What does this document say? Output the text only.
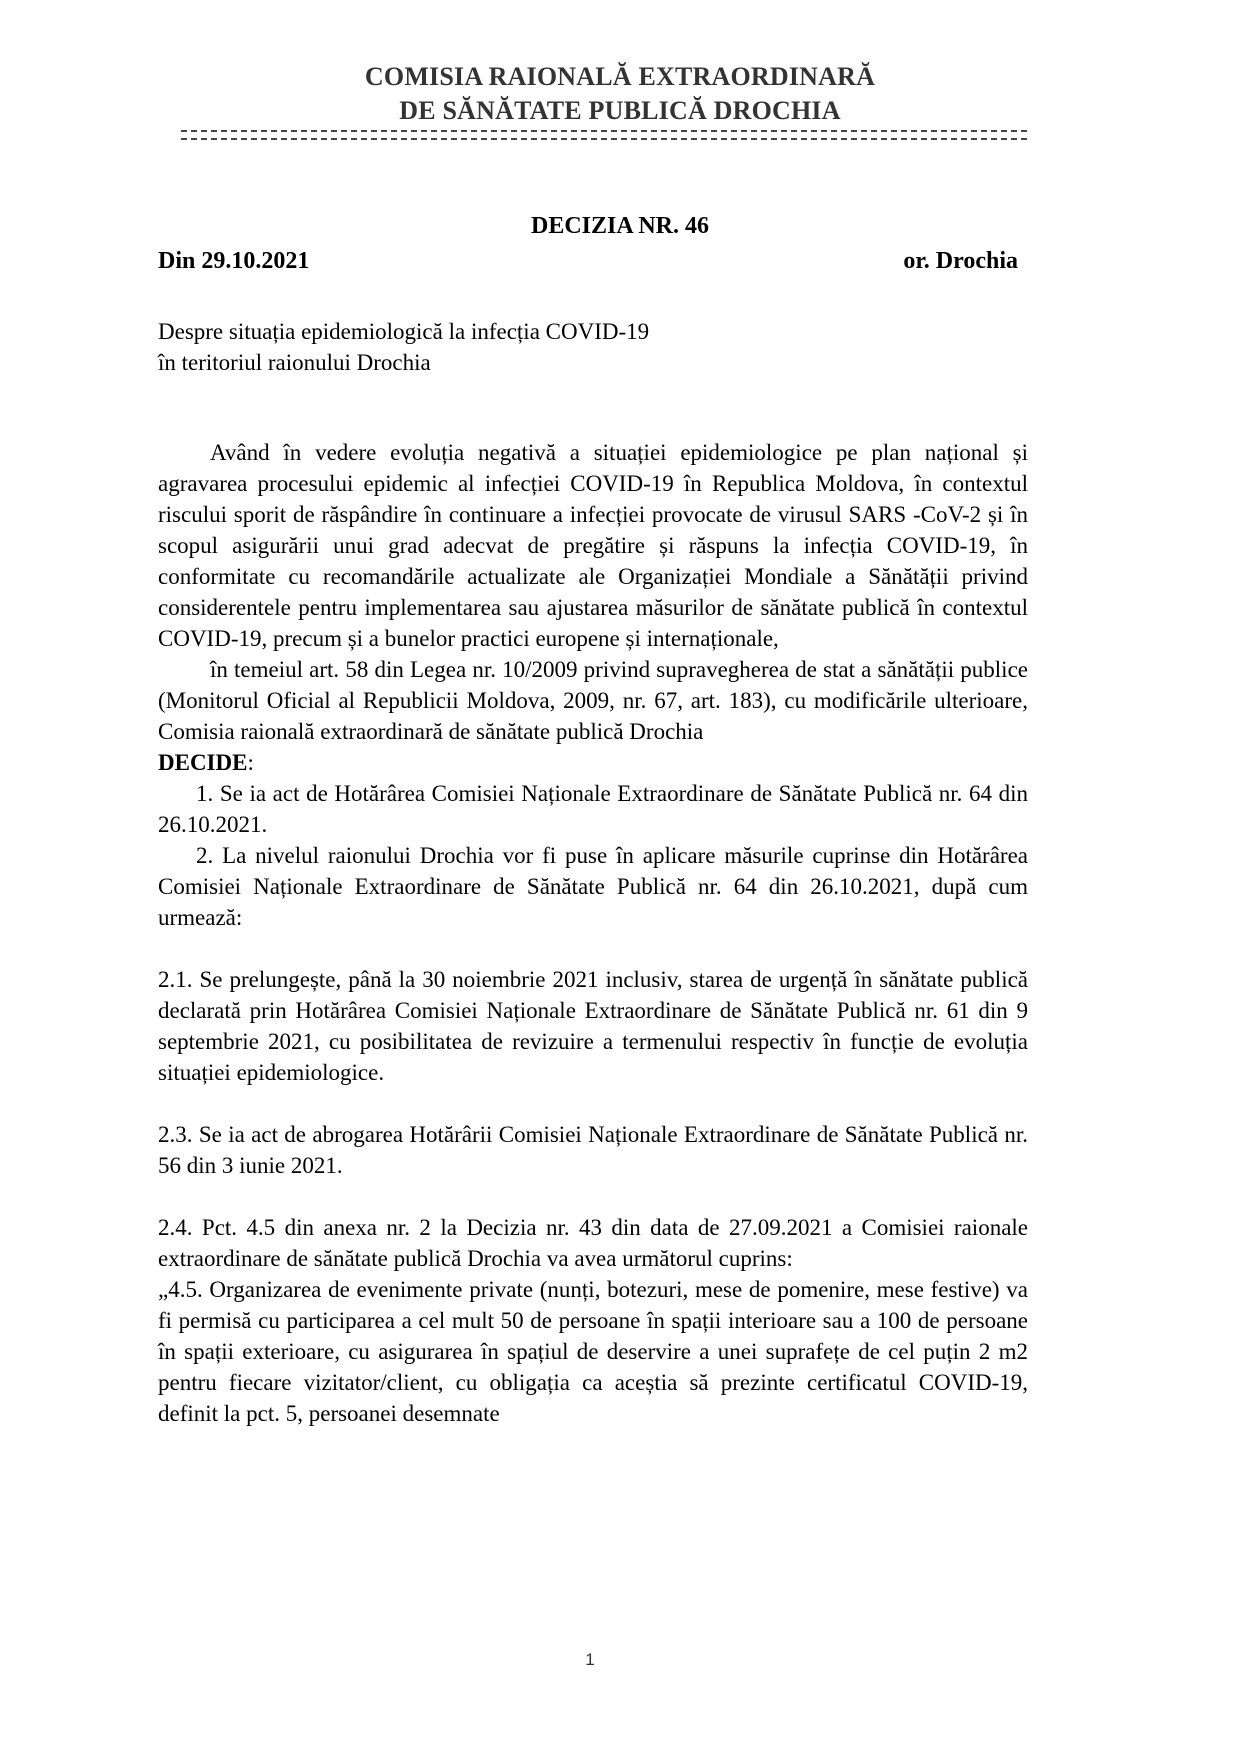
COMISIA RAIONALĂ EXTRAORDINARĂ
DE SĂNĂTATE PUBLICĂ DROCHIA
DECIZIA NR. 46
Din 29.10.2021	or. Drochia
Despre situația epidemiologică la infecția COVID-19
în teritoriul raionului Drochia

Având în vedere evoluția negativă a situației epidemiologice pe plan național și agravarea procesului epidemic al infecției COVID-19 în Republica Moldova, în contextul riscului sporit de răspândire în continuare a infecției provocate de virusul SARS -CoV-2 și în scopul asigurării unui grad adecvat de pregătire și răspuns la infecția COVID-19, în conformitate cu recomandările actualizate ale Organizației Mondiale a Sănătății privind considerentele pentru implementarea sau ajustarea măsurilor de sănătate publică în contextul COVID-19, precum și a bunelor practici europene și internaționale,

în temeiul art. 58 din Legea nr. 10/2009 privind supravegherea de stat a sănătății publice (Monitorul Oficial al Republicii Moldova, 2009, nr. 67, art. 183), cu modificările ulterioare, Comisia raională extraordinară de sănătate publică Drochia

DECIDE:

1. Se ia act de Hotărârea Comisiei Naționale Extraordinare de Sănătate Publică nr. 64 din 26.10.2021.

2. La nivelul raionului Drochia vor fi puse în aplicare măsurile cuprinse din Hotărârea Comisiei Naționale Extraordinare de Sănătate Publică nr. 64 din 26.10.2021, după cum urmează:

2.1. Se prelungește, până la 30 noiembrie 2021 inclusiv, starea de urgență în sănătate publică declarată prin Hotărârea Comisiei Naționale Extraordinare de Sănătate Publică nr. 61 din 9 septembrie 2021, cu posibilitatea de revizuire a termenului respectiv în funcție de evoluția situației epidemiologice.

2.3. Se ia act de abrogarea Hotărârii Comisiei Naționale Extraordinare de Sănătate Publică nr. 56 din 3 iunie 2021.

2.4. Pct. 4.5 din anexa nr. 2 la Decizia nr. 43 din data de 27.09.2021 a Comisiei raionale extraordinare de sănătate publică Drochia va avea următorul cuprins:

„4.5. Organizarea de evenimente private (nunți, botezuri, mese de pomenire, mese festive) va fi permisă cu participarea a cel mult 50 de persoane în spații interioare sau a 100 de persoane în spații exterioare, cu asigurarea în spațiul de deservire a unei suprafețe de cel puțin 2 m2 pentru fiecare vizitator/client, cu obligația ca aceștia să prezinte certificatul COVID-19, definit la pct. 5, persoanei desemnate

1
